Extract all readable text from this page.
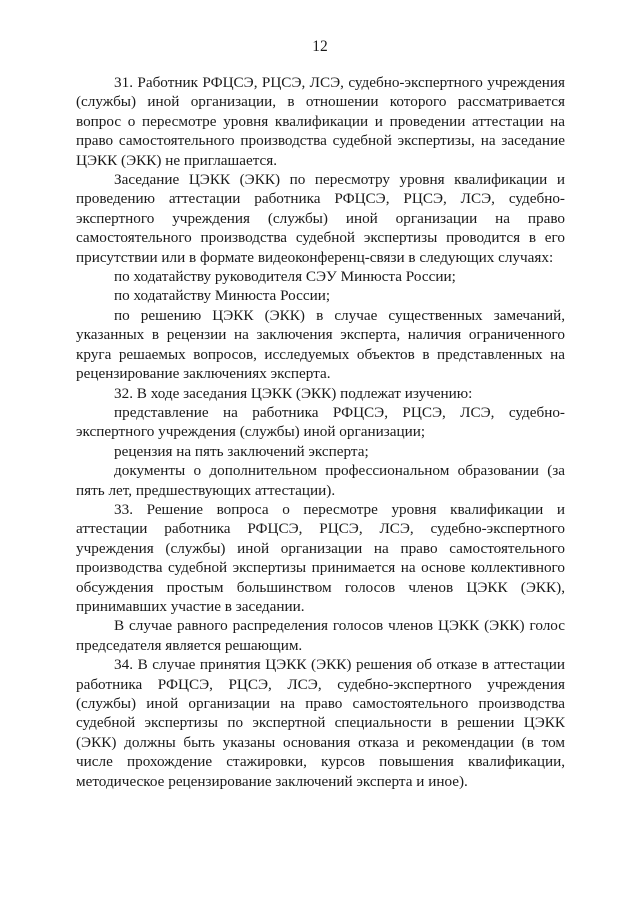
12

31. Работник РФЦСЭ, РЦСЭ, ЛСЭ, судебно-экспертного учреждения (службы) иной организации, в отношении которого рассматривается вопрос о пересмотре уровня квалификации и проведении аттестации на право самостоятельного производства судебной экспертизы, на заседание ЦЭКК (ЭКК) не приглашается.

Заседание ЦЭКК (ЭКК) по пересмотру уровня квалификации и проведению аттестации работника РФЦСЭ, РЦСЭ, ЛСЭ, судебно-экспертного учреждения (службы) иной организации на право самостоятельного производства судебной экспертизы проводится в его присутствии или в формате видеоконференц-связи в следующих случаях:

по ходатайству руководителя СЭУ Минюста России;

по ходатайству Минюста России;

по решению ЦЭКК (ЭКК) в случае существенных замечаний, указанных в рецензии на заключения эксперта, наличия ограниченного круга решаемых вопросов, исследуемых объектов в представленных на рецензирование заключениях эксперта.

32. В ходе заседания ЦЭКК (ЭКК) подлежат изучению:

представление на работника РФЦСЭ, РЦСЭ, ЛСЭ, судебно-экспертного учреждения (службы) иной организации;

рецензия на пять заключений эксперта;

документы о дополнительном профессиональном образовании (за пять лет, предшествующих аттестации).

33. Решение вопроса о пересмотре уровня квалификации и аттестации работника РФЦСЭ, РЦСЭ, ЛСЭ, судебно-экспертного учреждения (службы) иной организации на право самостоятельного производства судебной экспертизы принимается на основе коллективного обсуждения простым большинством голосов членов ЦЭКК (ЭКК), принимавших участие в заседании.

В случае равного распределения голосов членов ЦЭКК (ЭКК) голос председателя является решающим.

34. В случае принятия ЦЭКК (ЭКК) решения об отказе в аттестации работника РФЦСЭ, РЦСЭ, ЛСЭ, судебно-экспертного учреждения (службы) иной организации на право самостоятельного производства судебной экспертизы по экспертной специальности в решении ЦЭКК (ЭКК) должны быть указаны основания отказа и рекомендации (в том числе прохождение стажировки, курсов повышения квалификации, методическое рецензирование заключений эксперта и иное).
